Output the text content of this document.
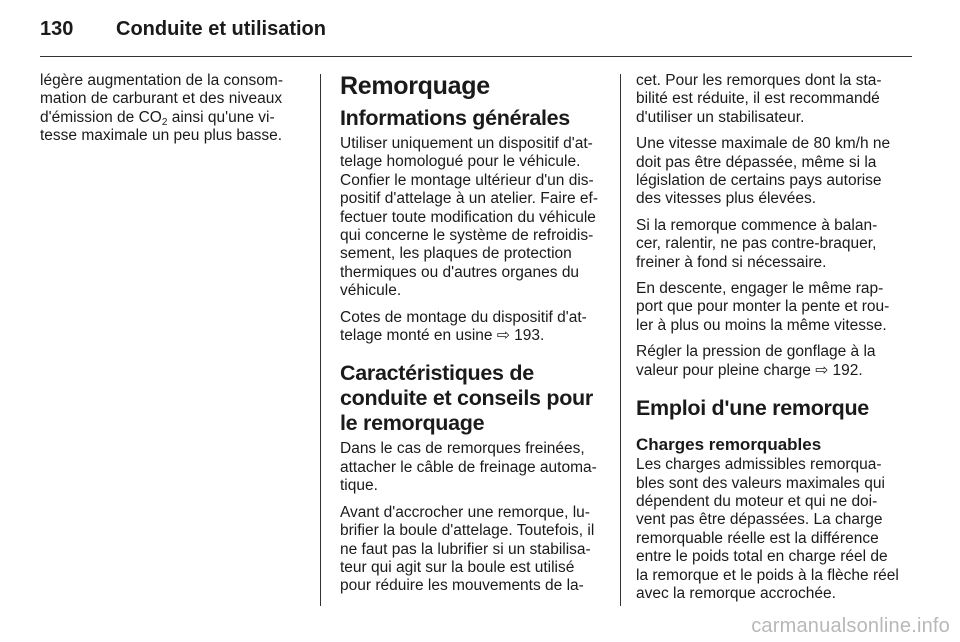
130	Conduite et utilisation

légère augmentation de la consom-mation de carburant et des niveaux d'émission de $CO_2$ ainsi qu'une vi-tesse maximale un peu plus basse.

Remorquage
Informations générales

Utiliser uniquement un dispositif d'at-telage homologué pour le véhicule. Confier le montage ultérieur d'un dis-positif d'attelage à un atelier. Faire ef-fectuer toute modification du véhicule qui concerne le système de refroidis-sement, les plaques de protection thermiques ou d'autres organes du véhicule.

Cotes de montage du dispositif d'at-telage monté en usine ⇨ 193.

Caractéristiques de conduite et conseils pour le remorquage

Dans le cas de remorques freinées, attacher le câble de freinage automa-tique.

Avant d'accrocher une remorque, lu-brifier la boule d'attelage. Toutefois, il ne faut pas la lubrifier si un stabilisa-teur qui agit sur la boule est utilisé pour réduire les mouvements de la-

cet. Pour les remorques dont la sta-bilité est réduite, il est recommandé d'utiliser un stabilisateur.

Une vitesse maximale de 80 km/h ne doit pas être dépassée, même si la législation de certains pays autorise des vitesses plus élevées.

Si la remorque commence à balan-cer, ralentir, ne pas contre-braquer, freiner à fond si nécessaire.

En descente, engager le même rap-port que pour monter la pente et rou-ler à plus ou moins la même vitesse.

Régler la pression de gonflage à la valeur pour pleine charge ⇨ 192.

Emploi d'une remorque
Charges remorquables

Les charges admissibles remorqua-bles sont des valeurs maximales qui dépendent du moteur et qui ne doi-vent pas être dépassées. La charge remorquable réelle est la différence entre le poids total en charge réel de la remorque et le poids à la flèche réel avec la remorque accrochée.

carmanualsonline.info
